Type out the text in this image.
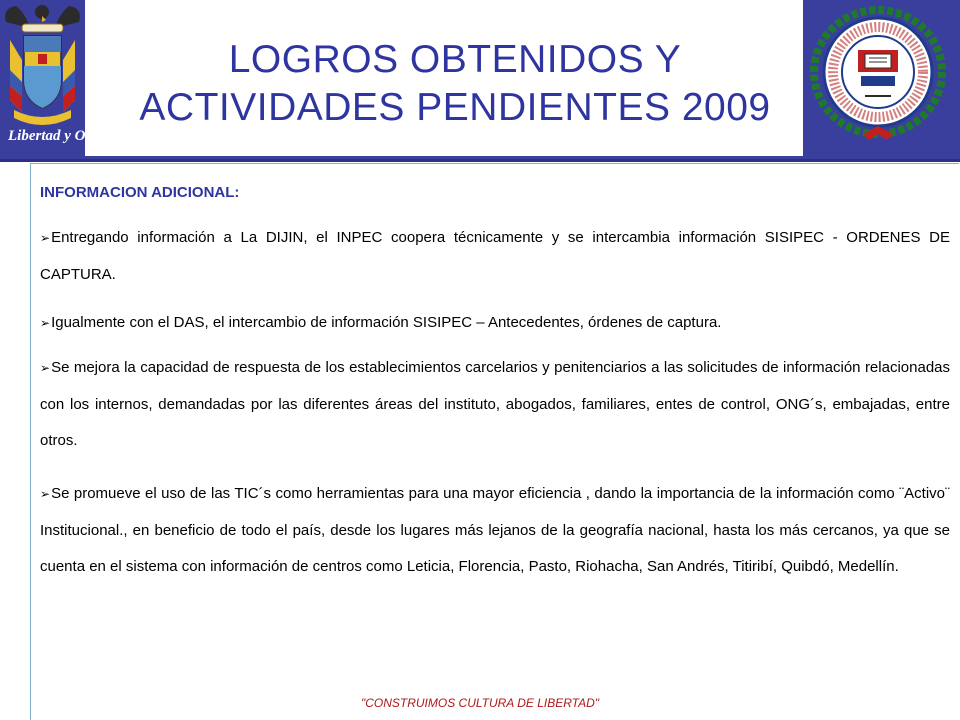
Libertad y Orden
LOGROS OBTENIDOS Y
ACTIVIDADES PENDIENTES 2009
INFORMACION ADICIONAL:
➢Entregando información a La DIJIN, el INPEC coopera técnicamente y se intercambia información SISIPEC - ORDENES DE CAPTURA.
➢Igualmente con el DAS, el intercambio de información SISIPEC – Antecedentes, órdenes de captura.
➢Se mejora la capacidad de respuesta de los establecimientos carcelarios y penitenciarios a las solicitudes de información relacionadas con los internos, demandadas por las diferentes áreas del instituto, abogados, familiares, entes de control, ONG´s, embajadas, entre otros.
➢Se promueve el uso de las TIC´s como herramientas para una mayor eficiencia , dando la importancia de la información como ¨Activo¨ Institucional., en beneficio de todo el país, desde los lugares más lejanos de la geografía nacional, hasta los más cercanos, ya que se cuenta en el sistema con información de centros como Leticia, Florencia, Pasto, Riohacha, San Andrés, Titiribí, Quibdó, Medellín.
"CONSTRUIMOS CULTURA DE LIBERTAD"
